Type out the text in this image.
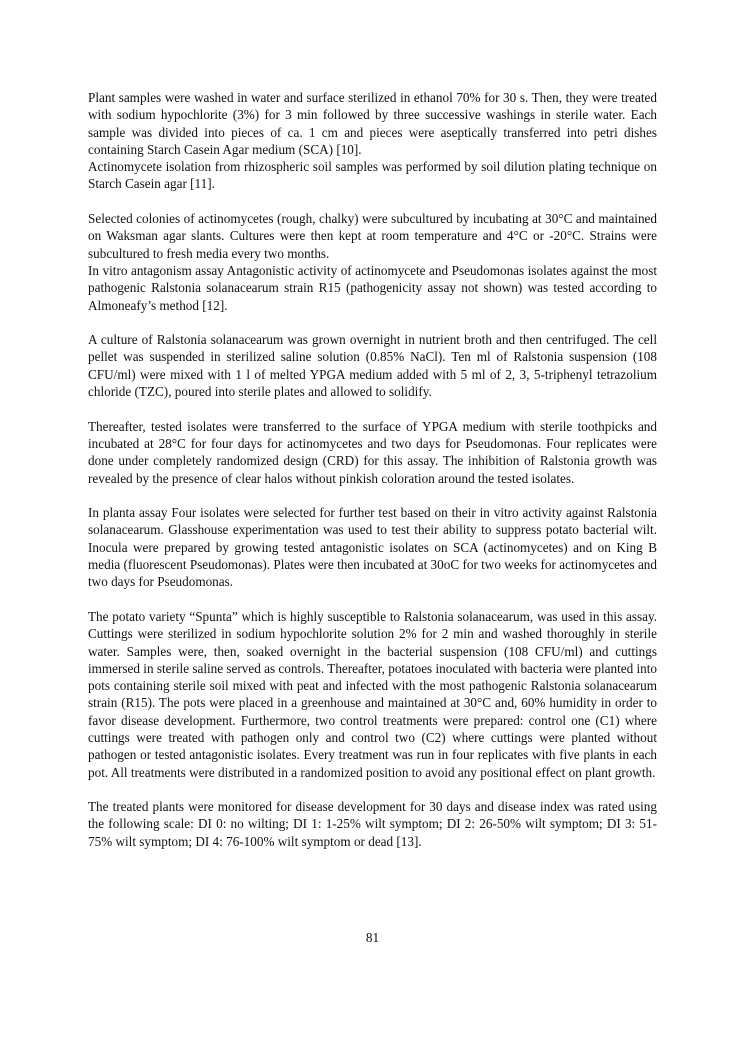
Plant samples were washed in water and surface sterilized in ethanol 70% for 30 s. Then, they were treated with sodium hypochlorite (3%) for 3 min followed by three successive washings in sterile water. Each sample was divided into pieces of ca. 1 cm and pieces were aseptically transferred into petri dishes containing Starch Casein Agar medium (SCA) [10].

Actinomycete isolation from rhizospheric soil samples was performed by soil dilution plating technique on Starch Casein agar [11].

Selected colonies of actinomycetes (rough, chalky) were subcultured by incubating at 30°C and maintained on Waksman agar slants. Cultures were then kept at room temperature and 4°C or -20°C. Strains were subcultured to fresh media every two months.

In vitro antagonism assay Antagonistic activity of actinomycete and Pseudomonas isolates against the most pathogenic Ralstonia solanacearum strain R15 (pathogenicity assay not shown) was tested according to Almoneafy’s method [12].

A culture of Ralstonia solanacearum was grown overnight in nutrient broth and then centrifuged. The cell pellet was suspended in sterilized saline solution (0.85% NaCl). Ten ml of Ralstonia suspension (108 CFU/ml) were mixed with 1 l of melted YPGA medium added with 5 ml of 2, 3, 5-triphenyl tetrazolium chloride (TZC), poured into sterile plates and allowed to solidify.

Thereafter, tested isolates were transferred to the surface of YPGA medium with sterile toothpicks and incubated at 28°C for four days for actinomycetes and two days for Pseudomonas. Four replicates were done under completely randomized design (CRD) for this assay. The inhibition of Ralstonia growth was revealed by the presence of clear halos without pinkish coloration around the tested isolates.

In planta assay Four isolates were selected for further test based on their in vitro activity against Ralstonia solanacearum. Glasshouse experimentation was used to test their ability to suppress potato bacterial wilt. Inocula were prepared by growing tested antagonistic isolates on SCA (actinomycetes) and on King B media (fluorescent Pseudomonas). Plates were then incubated at 30oC for two weeks for actinomycetes and two days for Pseudomonas.

The potato variety “Spunta” which is highly susceptible to Ralstonia solanacearum, was used in this assay. Cuttings were sterilized in sodium hypochlorite solution 2% for 2 min and washed thoroughly in sterile water. Samples were, then, soaked overnight in the bacterial suspension (108 CFU/ml) and cuttings immersed in sterile saline served as controls. Thereafter, potatoes inoculated with bacteria were planted into pots containing sterile soil mixed with peat and infected with the most pathogenic Ralstonia solanacearum strain (R15). The pots were placed in a greenhouse and maintained at 30°C and, 60% humidity in order to favor disease development. Furthermore, two control treatments were prepared: control one (C1) where cuttings were treated with pathogen only and control two (C2) where cuttings were planted without pathogen or tested antagonistic isolates. Every treatment was run in four replicates with five plants in each pot. All treatments were distributed in a randomized position to avoid any positional effect on plant growth.

The treated plants were monitored for disease development for 30 days and disease index was rated using the following scale: DI 0: no wilting; DI 1: 1-25% wilt symptom; DI 2: 26-50% wilt symptom; DI 3: 51-75% wilt symptom; DI 4: 76-100% wilt symptom or dead [13].

81
